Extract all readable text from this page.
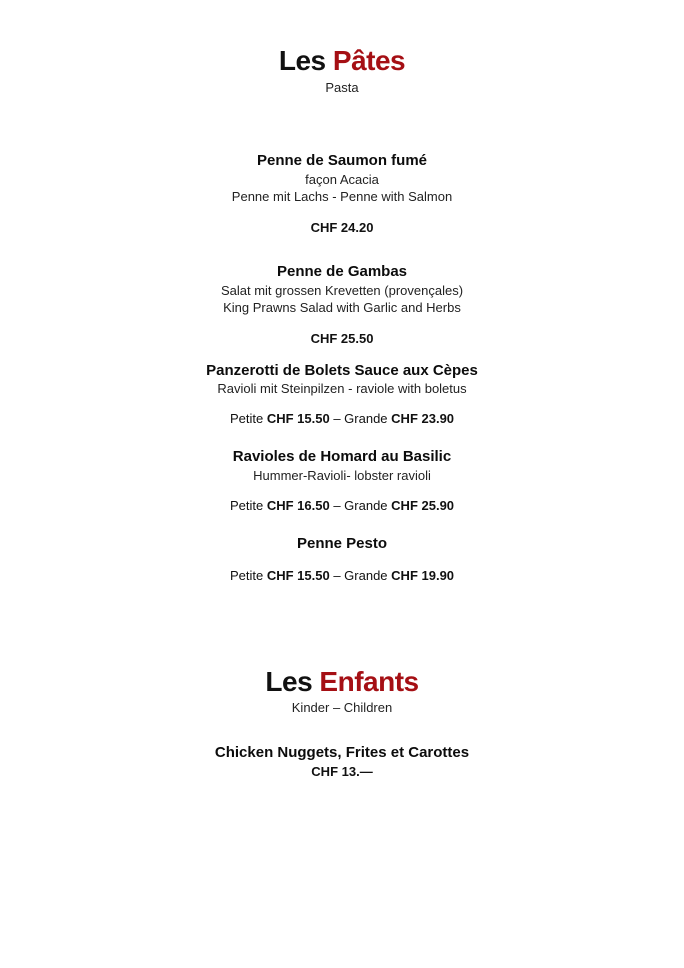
Les Pâtes
Pasta
Penne de Saumon fumé
façon Acacia
Penne mit Lachs - Penne with Salmon
CHF 24.20
Penne de Gambas
Salat mit grossen Krevetten (provençales)
King Prawns Salad with Garlic and Herbs
CHF 25.50
Panzerotti de Bolets Sauce aux Cèpes
Ravioli mit Steinpilzen - raviole with boletus
Petite CHF 15.50 – Grande CHF 23.90
Ravioles de Homard au Basilic
Hummer-Ravioli- lobster ravioli
Petite CHF 16.50 – Grande CHF 25.90
Penne Pesto
Petite CHF 15.50 – Grande CHF 19.90
Les Enfants
Kinder – Children
Chicken Nuggets, Frites et Carottes
CHF 13.—
